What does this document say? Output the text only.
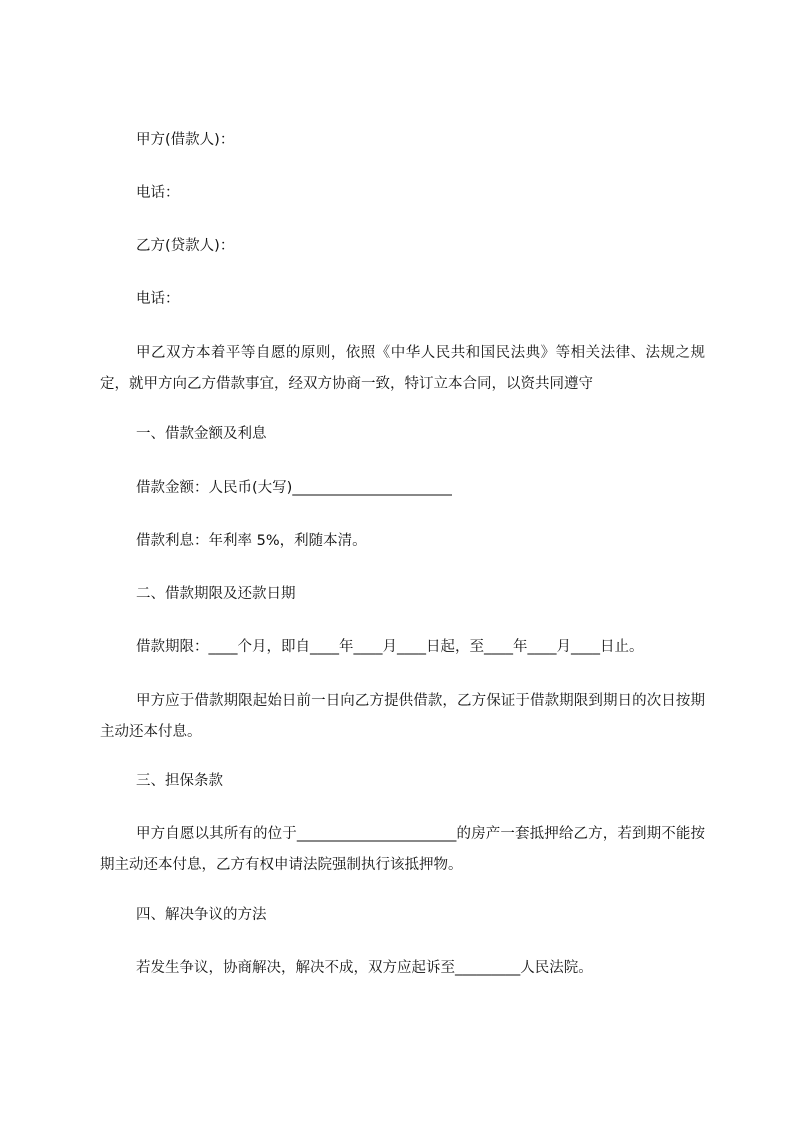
甲方(借款人)：
电话：
乙方(贷款人)：
电话：
甲乙双方本着平等自愿的原则，依照《中华人民共和国民法典》等相关法律、法规之规定，就甲方向乙方借款事宜，经双方协商一致，特订立本合同，以资共同遵守
一、借款金额及利息
借款金额：人民币(大写)______________________
借款利息：年利率 5%，利随本清。
二、借款期限及还款日期
借款期限：____个月，即自____年____月____日起，至____年____月____日止。
甲方应于借款期限起始日前一日向乙方提供借款，乙方保证于借款期限到期日的次日按期主动还本付息。
三、担保条款
甲方自愿以其所有的位于______________________的房产一套抵押给乙方，若到期不能按期主动还本付息，乙方有权申请法院强制执行该抵押物。
四、解决争议的方法
若发生争议，协商解决，解决不成，双方应起诉至_________人民法院。
